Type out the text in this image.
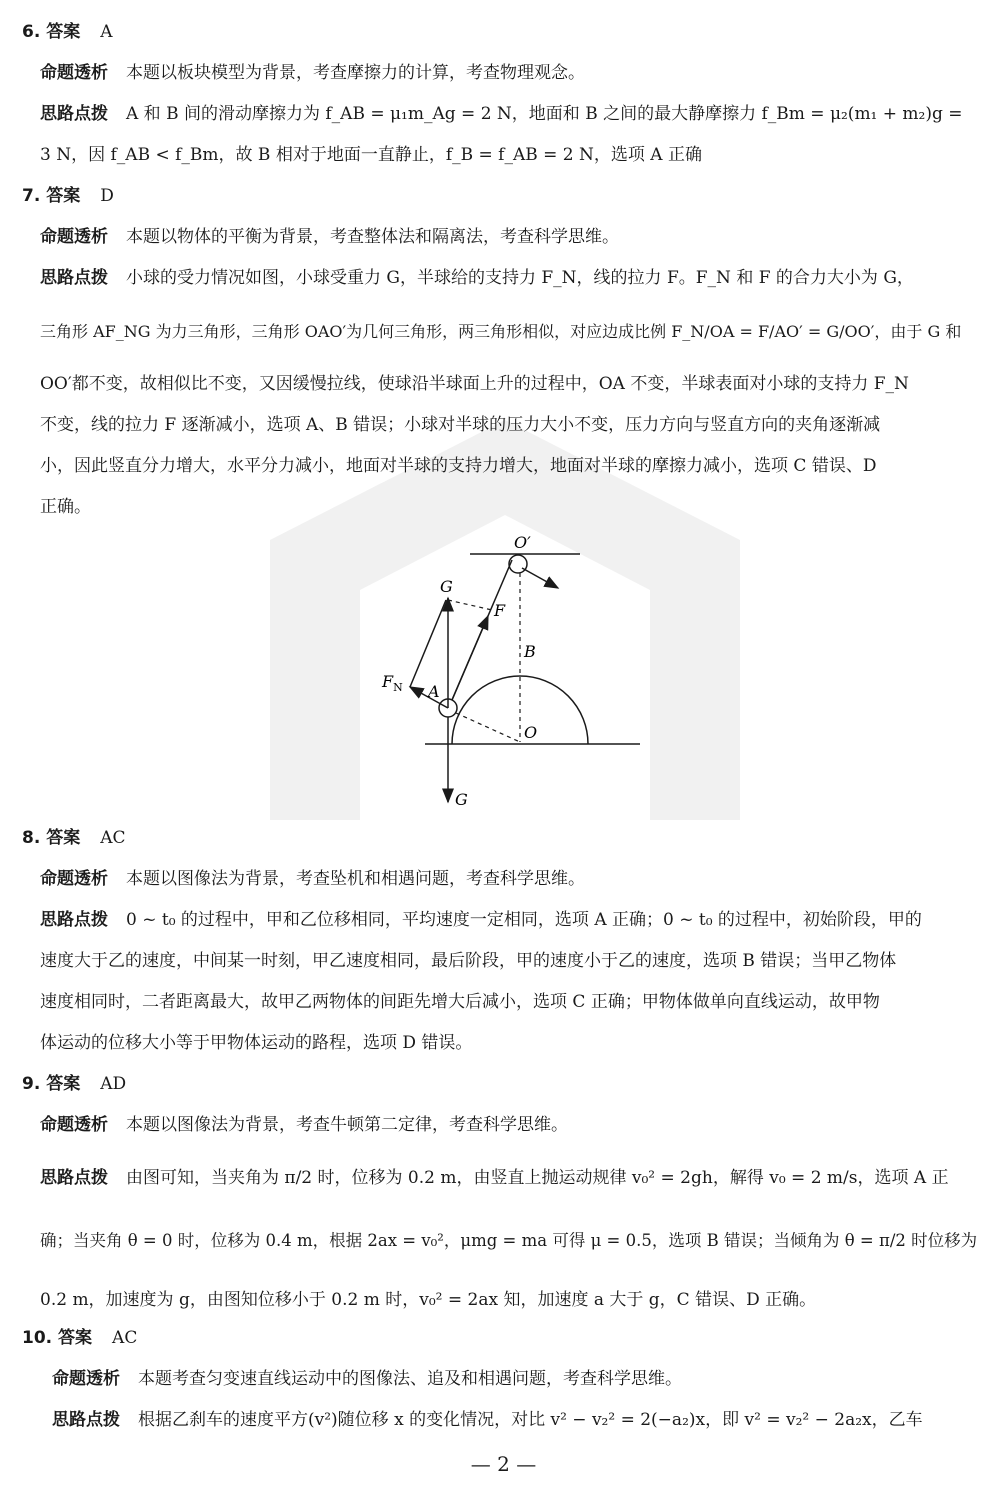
6. 答案 A
命题透析 本题以板块模型为背景，考查摩擦力的计算，考查物理观念。
思路点拨 A 和 B 间的滑动摩擦力为 f_AB = μ₁m_Ag = 2 N，地面和 B 之间的最大静摩擦力 f_Bm = μ₂(m₁ + m₂)g =
3 N，因 f_AB < f_Bm，故 B 相对于地面一直静止，f_B = f_AB = 2 N，选项 A 正确
7. 答案 D
命题透析 本题以物体的平衡为背景，考查整体法和隔离法，考查科学思维。
思路点拨 小球的受力情况如图，小球受重力 G，半球给的支持力 F_N，线的拉力 F。F_N 和 F 的合力大小为 G，
三角形 AF_NG 为力三角形，三角形 OAO′为几何三角形，两三角形相似，对应边成比例 F_N/OA = F/AO′ = G/OO′，由于 G 和
OO′都不变，故相似比不变，又因缓慢拉线，使球沿半球面上升的过程中，OA 不变，半球表面对小球的支持力 F_N
不变，线的拉力 F 逐渐减小，选项 A、B 错误；小球对半球的压力大小不变，压力方向与竖直方向的夹角逐渐减
小，因此竖直分力增大，水平分力减小，地面对半球的支持力增大，地面对半球的摩擦力减小，选项 C 错误、D
正确。
O′
G
F
B
$F_N$ A
O
G
8. 答案 AC
命题透析 本题以图像法为背景，考查坠机和相遇问题，考查科学思维。
思路点拨 0 ~ t₀ 的过程中，甲和乙位移相同，平均速度一定相同，选项 A 正确；0 ~ t₀ 的过程中，初始阶段，甲的
速度大于乙的速度，中间某一时刻，甲乙速度相同，最后阶段，甲的速度小于乙的速度，选项 B 错误；当甲乙物体
速度相同时，二者距离最大，故甲乙两物体的间距先增大后减小，选项 C 正确；甲物体做单向直线运动，故甲物
体运动的位移大小等于甲物体运动的路程，选项 D 错误。
9. 答案 AD
命题透析 本题以图像法为背景，考查牛顿第二定律，考查科学思维。
思路点拨 由图可知，当夹角为 π/2 时，位移为 0.2 m，由竖直上抛运动规律 v₀² = 2gh，解得 v₀ = 2 m/s，选项 A 正
确；当夹角 θ = 0 时，位移为 0.4 m，根据 2ax = v₀²，μmg = ma 可得 μ = 0.5，选项 B 错误；当倾角为 θ = π/2 时位移为
0.2 m，加速度为 g，由图知位移小于 0.2 m 时，v₀² = 2ax 知，加速度 a 大于 g，C 错误、D 正确。
10. 答案 AC
命题透析 本题考查匀变速直线运动中的图像法、追及和相遇问题，考查科学思维。
思路点拨 根据乙刹车的速度平方(v²)随位移 x 的变化情况，对比 v² − v₂² = 2(−a₂)x，即 v² = v₂² − 2a₂x，乙车
— 2 —
